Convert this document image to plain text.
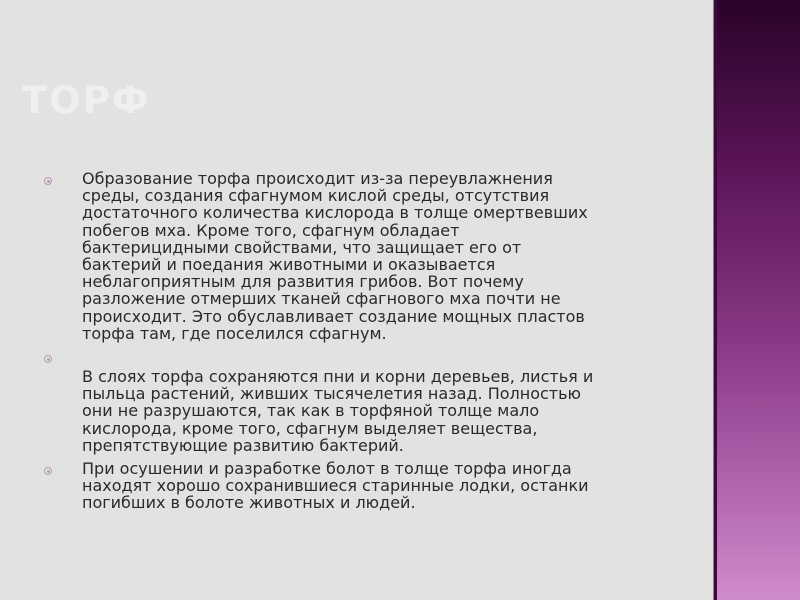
ТОРФ

Образование торфа происходит из-за переувлажнения
среды, создания сфагнумом кислой среды, отсутствия
достаточного количества кислорода в толще омертвевших
побегов мха. Кроме того, сфагнум обладает
бактерицидными свойствами, что защищает его от
бактерий и поедания животными и оказывается
неблагоприятным для развития грибов. Вот почему
разложение отмерших тканей сфагнового мха почти не
происходит. Это обуславливает создание мощных пластов
торфа там, где поселился сфагнум.

В слоях торфа сохраняются пни и корни деревьев, листья и
пыльца растений, живших тысячелетия назад. Полностью
они не разрушаются, так как в торфяной толще мало
кислорода, кроме того, сфагнум выделяет вещества,
препятствующие развитию бактерий.

При осушении и разработке болот в толще торфа иногда
находят хорошо сохранившиеся старинные лодки, останки
погибших в болоте животных и людей.
